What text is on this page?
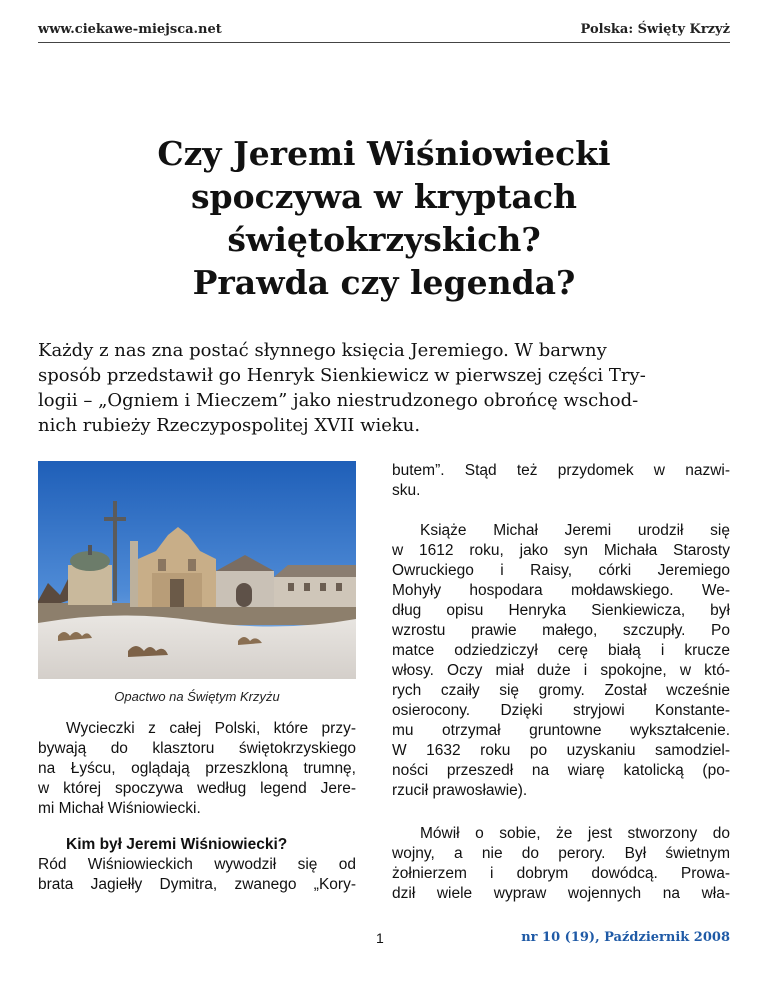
www.ciekawe-miejsca.net	Polska: Święty Krzyż
Czy Jeremi Wiśniowiecki
spoczywa w kryptach
świętokrzyskich?
Prawda czy legenda?
Każdy z nas zna postać słynnego księcia Jeremiego. W barwny
sposób przedstawił go Henryk Sienkiewicz w pierwszej części Try-
logii – „Ogniem i Mieczem” jako niestrudzonego obrońcę wschod-
nich rubieży Rzeczypospolitej XVII wieku.
Opactwo na Świętym Krzyżu
Wycieczki z całej Polski, które przy-
bywają do klasztoru świętokrzyskiego
na Łyścu, oglądają przeszkloną trumnę,
w której spoczywa według legend Jere-
mi Michał Wiśniowiecki.
Kim był Jeremi Wiśniowiecki?
Ród Wiśniowieckich wywodził się od
brata Jagiełły Dymitra, zwanego „Kory-
butem”. Stąd też przydomek w nazwi-
sku.
Książe Michał Jeremi urodził się
w 1612 roku, jako syn Michała Starosty
Owruckiego i Raisy, córki Jeremiego
Mohyły hospodara mołdawskiego. We-
dług opisu Henryka Sienkiewicza, był
wzrostu prawie małego, szczupły. Po
matce odziedziczył cerę białą i krucze
włosy. Oczy miał duże i spokojne, w któ-
rych czaiły się gromy. Został wcześnie
osierocony. Dzięki stryjowi Konstante-
mu otrzymał gruntowne wykształcenie.
W 1632 roku po uzyskaniu samodziel-
ności przeszedł na wiarę katolicką (po-
rzucił prawosławie).
Mówił o sobie, że jest stworzony do
wojny, a nie do perory. Był świetnym
żołnierzem i dobrym dowódcą. Prowa-
dził wiele wypraw wojennych na wła-
1	nr 10 (19), Październik 2008
